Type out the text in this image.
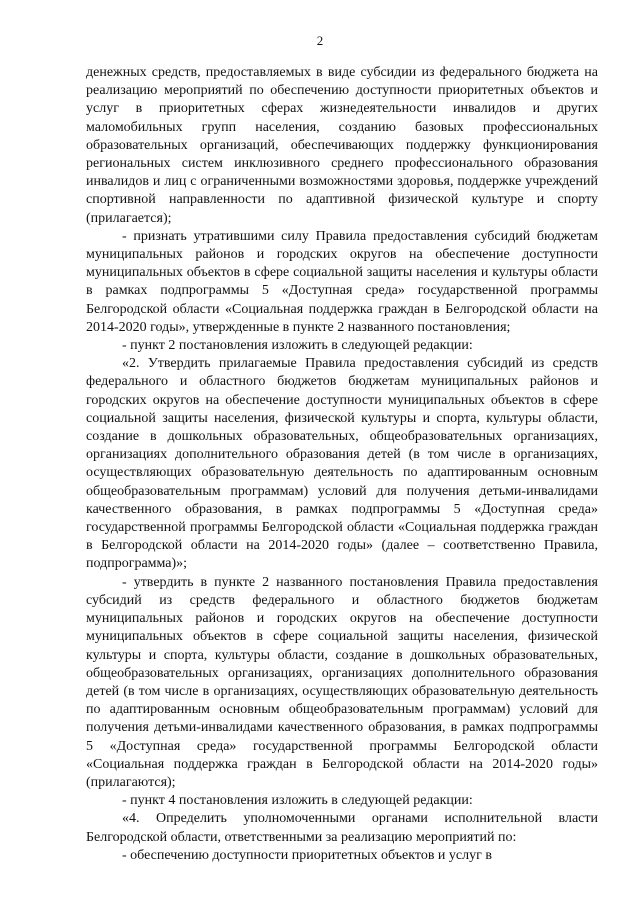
2

денежных средств, предоставляемых в виде субсидии из федерального бюджета на реализацию мероприятий по обеспечению доступности приоритетных объектов и услуг в приоритетных сферах жизнедеятельности инвалидов и других маломобильных групп населения, созданию базовых профессиональных образовательных организаций, обеспечивающих поддержку функционирования региональных систем инклюзивного среднего профессионального образования инвалидов и лиц с ограниченными возможностями здоровья, поддержке учреждений спортивной направленности по адаптивной физической культуре и спорту (прилагается);

- признать утратившими силу Правила предоставления субсидий бюджетам муниципальных районов и городских округов на обеспечение доступности муниципальных объектов в сфере социальной защиты населения и культуры области в рамках подпрограммы 5 «Доступная среда» государственной программы Белгородской области «Социальная поддержка граждан в Белгородской области на 2014-2020 годы», утвержденные в пункте 2 названного постановления;

- пункт 2 постановления изложить в следующей редакции:

«2. Утвердить прилагаемые Правила предоставления субсидий из средств федерального и областного бюджетов бюджетам муниципальных районов и городских округов на обеспечение доступности муниципальных объектов в сфере социальной защиты населения, физической культуры и спорта, культуры области, создание в дошкольных образовательных, общеобразовательных организациях, организациях дополнительного образования детей (в том числе в организациях, осуществляющих образовательную деятельность по адаптированным основным общеобразовательным программам) условий для получения детьми-инвалидами качественного образования, в рамках подпрограммы 5 «Доступная среда» государственной программы Белгородской области «Социальная поддержка граждан в Белгородской области на 2014-2020 годы» (далее – соответственно Правила, подпрограмма)»;

- утвердить в пункте 2 названного постановления Правила предоставления субсидий из средств федерального и областного бюджетов бюджетам муниципальных районов и городских округов на обеспечение доступности муниципальных объектов в сфере социальной защиты населения, физической культуры и спорта, культуры области, создание в дошкольных образовательных, общеобразовательных организациях, организациях дополнительного образования детей (в том числе в организациях, осуществляющих образовательную деятельность по адаптированным основным общеобразовательным программам) условий для получения детьми-инвалидами качественного образования, в рамках подпрограммы 5 «Доступная среда» государственной программы Белгородской области «Социальная поддержка граждан в Белгородской области на 2014-2020 годы» (прилагаются);

- пункт 4 постановления изложить в следующей редакции:

«4. Определить уполномоченными органами исполнительной власти Белгородской области, ответственными за реализацию мероприятий по:

- обеспечению доступности приоритетных объектов и услуг в
